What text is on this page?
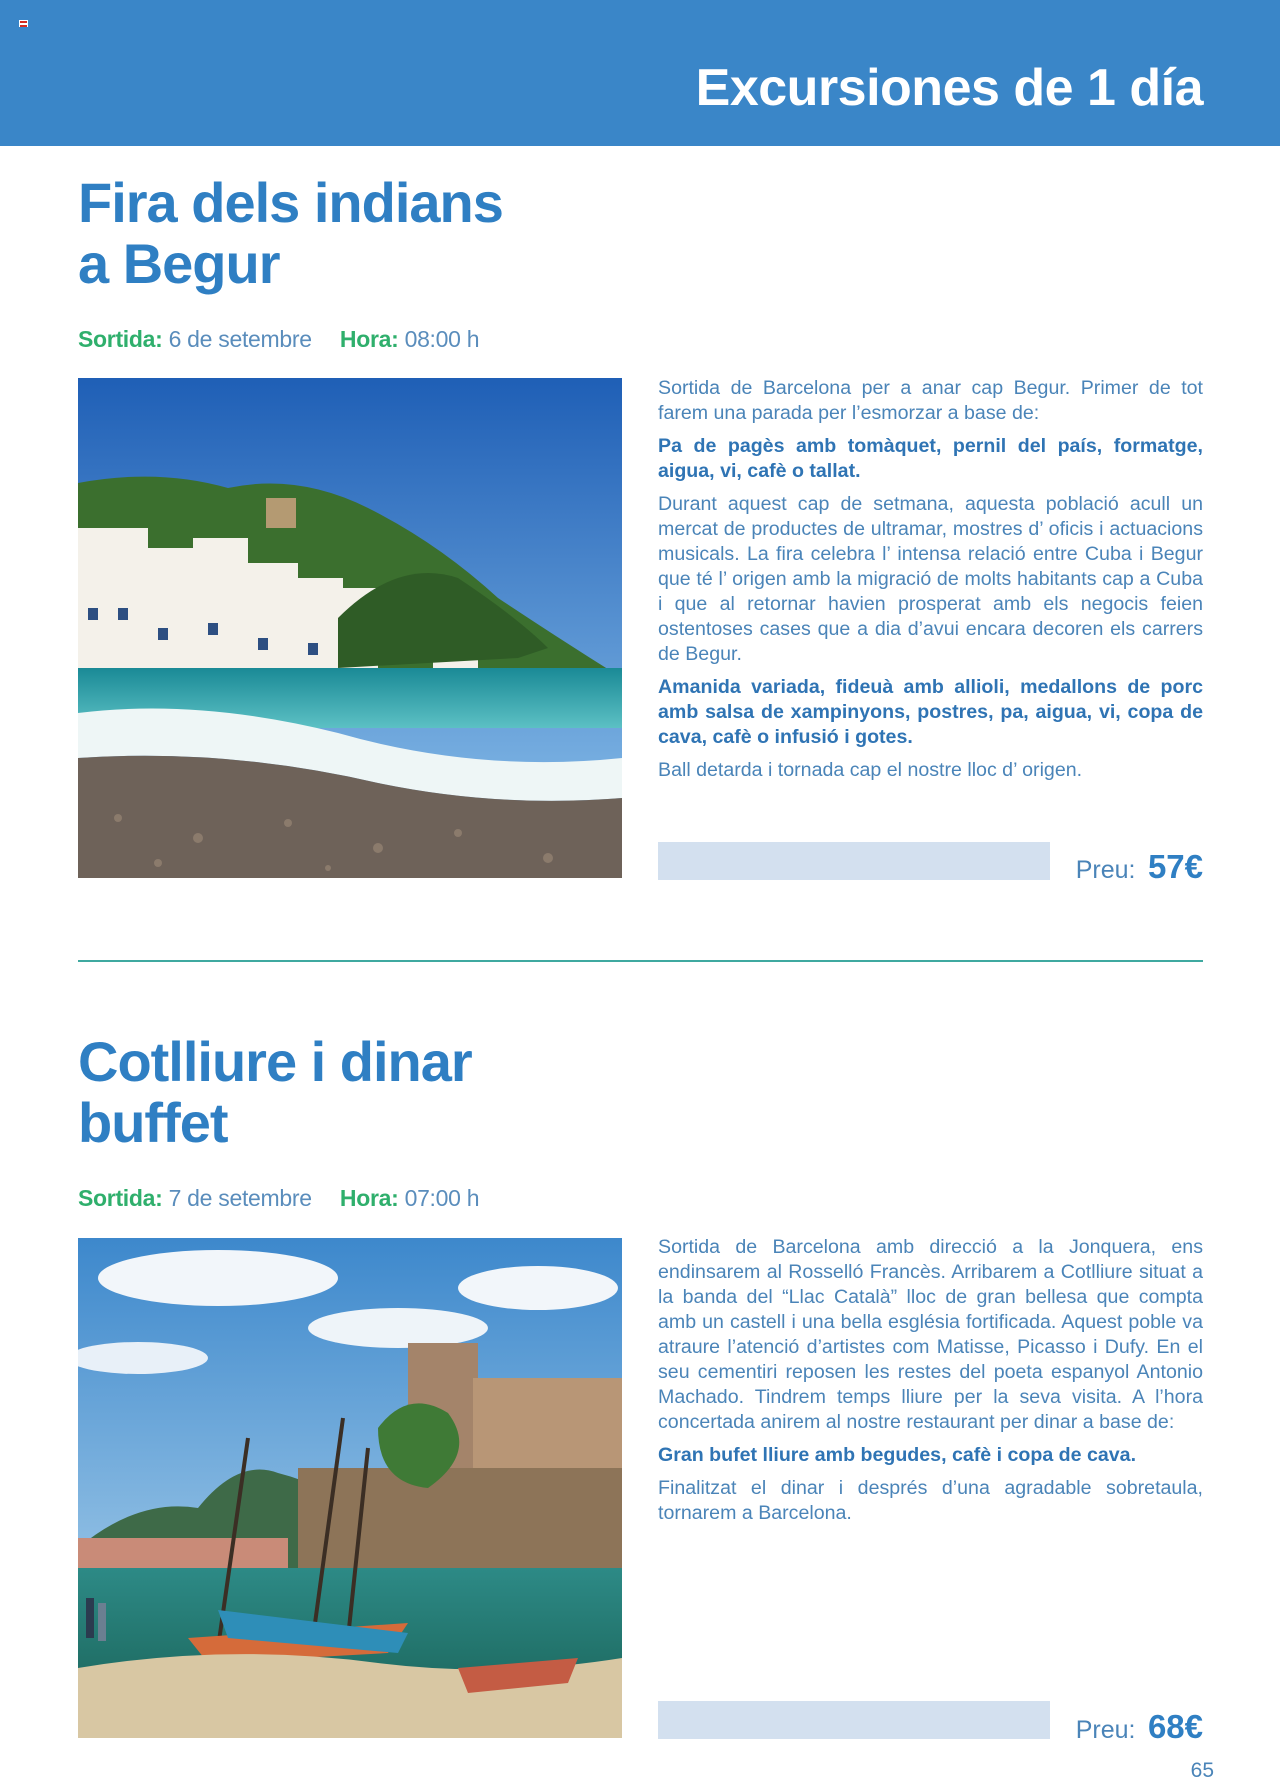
Excursiones de 1 día
Fira dels indians
a Begur
Sortida: 6 de setembre Hora: 08:00 h

Sortida de Barcelona per a anar cap Begur. Primer de tot farem una parada per l’esmorzar a base de:

Pa de pagès amb tomàquet, pernil del país, formatge, aigua, vi, cafè o tallat.

Durant aquest cap de setmana, aquesta població acull un mercat de productes de ultramar, mostres d’ oficis i actuacions musicals. La fira celebra l’ intensa relació entre Cuba i Begur que té l’ origen amb la migració de molts habitants cap a Cuba i que al retornar havien prosperat amb els negocis feien ostentoses cases que a dia d’avui encara decoren els carrers de Begur.

Amanida variada, fideuà amb allioli, medallons de porc amb salsa de xampinyons, postres, pa, aigua, vi, copa de cava, cafè o infusió i gotes.

Ball detarda i tornada cap el nostre lloc d’ origen.

Preu: 57€
Cotlliure i dinar
buffet
Sortida: 7 de setembre Hora: 07:00 h

Sortida de Barcelona amb direcció a la Jonquera, ens endinsarem al Rosselló Francès. Arribarem a Cotlliure situat a la banda del “Llac Català” lloc de gran bellesa que compta amb un castell i una bella església fortificada. Aquest poble va atraure l’atenció d’artistes com Matisse, Picasso i Dufy. En el seu cementiri reposen les restes del poeta espanyol Antonio Machado. Tindrem temps lliure per la seva visita. A l’hora concertada anirem al nostre restaurant per dinar a base de:

Gran bufet lliure amb begudes, cafè i copa de cava.

Finalitzat el dinar i després d’una agradable sobretaula, tornarem a Barcelona.

Preu: 68€
65
